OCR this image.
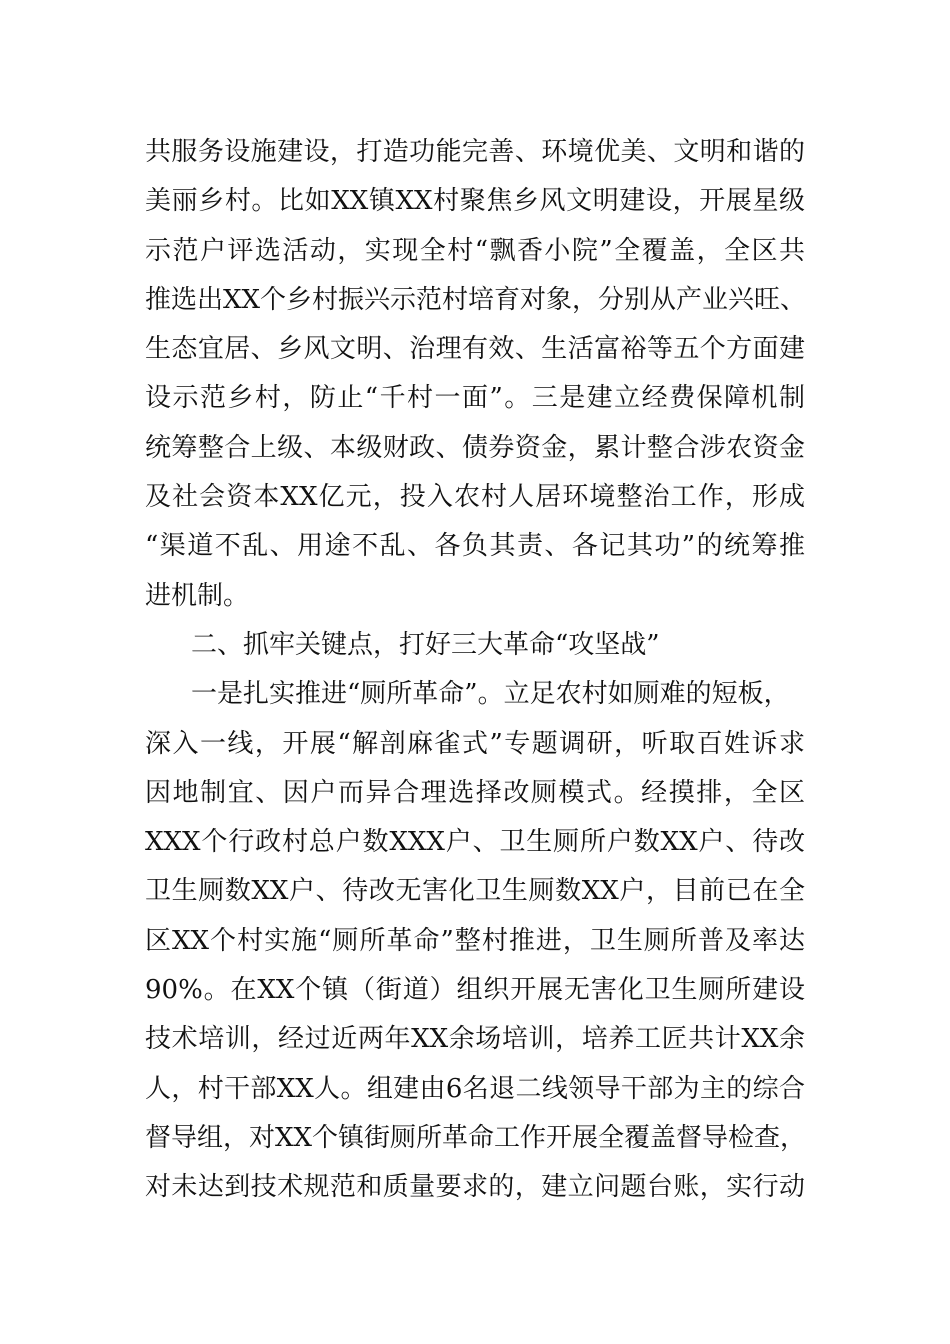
共服务设施建设，打造功能完善、环境优美、文明和谐的
美丽乡村。比如XX镇XX村聚焦乡风文明建设，开展星级
示范户评选活动，实现全村“飘香小院”全覆盖，全区共
推选出XX个乡村振兴示范村培育对象，分别从产业兴旺、
生态宜居、乡风文明、治理有效、生活富裕等五个方面建
设示范乡村，防止“千村一面”。三是建立经费保障机制
统筹整合上级、本级财政、债券资金，累计整合涉农资金
及社会资本XX亿元，投入农村人居环境整治工作，形成
“渠道不乱、用途不乱、各负其责、各记其功”的统筹推
进机制。
二、抓牢关键点，打好三大革命“攻坚战”
一是扎实推进“厕所革命”。立足农村如厕难的短板，
深入一线，开展“解剖麻雀式”专题调研，听取百姓诉求
因地制宜、因户而异合理选择改厕模式。经摸排，全区
XXX个行政村总户数XXX户、卫生厕所户数XX户、待改
卫生厕数XX户、待改无害化卫生厕数XX户，目前已在全
区XX个村实施“厕所革命”整村推进，卫生厕所普及率达
90%。在XX个镇（街道）组织开展无害化卫生厕所建设
技术培训，经过近两年XX余场培训，培养工匠共计XX余
人，村干部XX人。组建由6名退二线领导干部为主的综合
督导组，对XX个镇街厕所革命工作开展全覆盖督导检查，
对未达到技术规范和质量要求的，建立问题台账，实行动
